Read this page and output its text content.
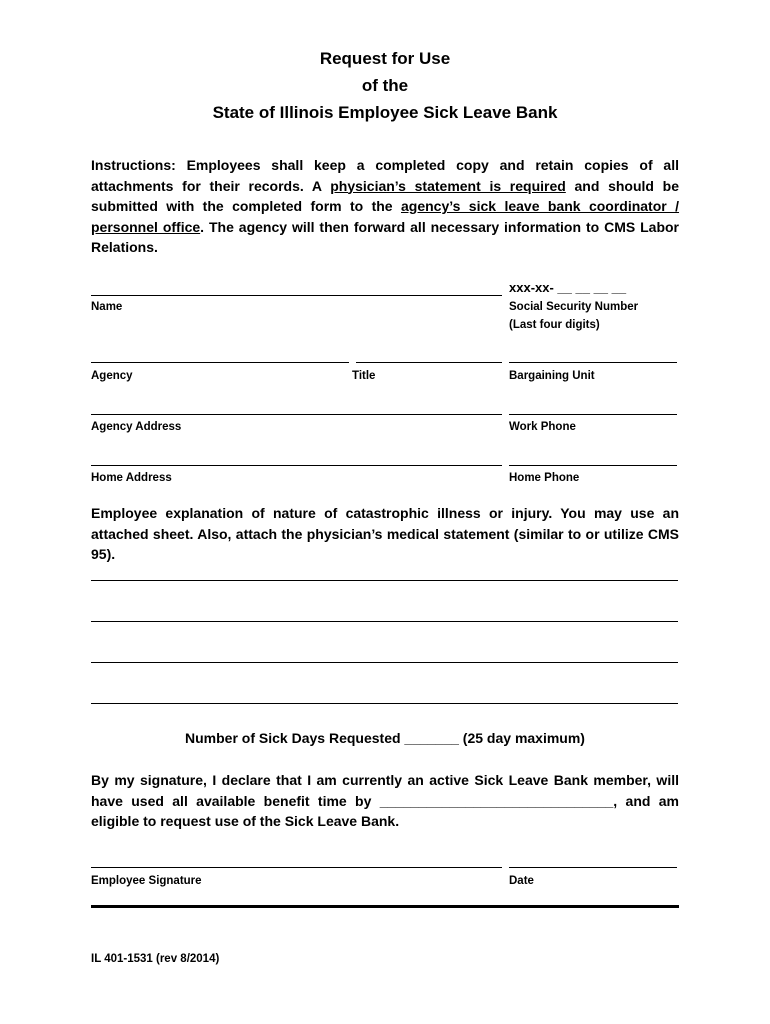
Request for Use
of the
State of Illinois Employee Sick Leave Bank
Instructions: Employees shall keep a completed copy and retain copies of all attachments for their records. A physician’s statement is required and should be submitted with the completed form to the agency’s sick leave bank coordinator / personnel office. The agency will then forward all necessary information to CMS Labor Relations.
xxx-xx- __ __ __ __
Name	Social Security Number
(Last four digits)
Agency	Title	Bargaining Unit
Agency Address	Work Phone
Home Address	Home Phone
Employee explanation of nature of catastrophic illness or injury. You may use an attached sheet. Also, attach the physician’s medical statement (similar to or utilize CMS 95).
Number of Sick Days Requested _______ (25 day maximum)
By my signature, I declare that I am currently an active Sick Leave Bank member, will have used all available benefit time by ______________________________, and am eligible to request use of the Sick Leave Bank.
Employee Signature	Date
IL 401-1531 (rev 8/2014)
